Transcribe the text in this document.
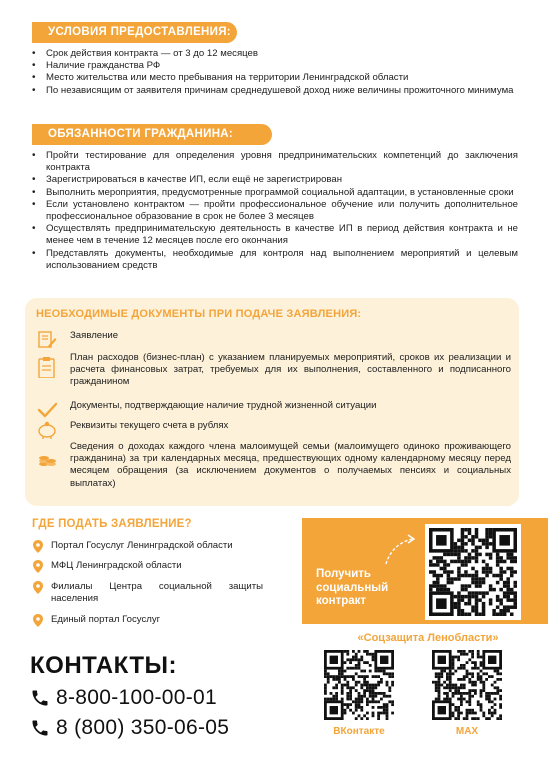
УСЛОВИЯ ПРЕДОСТАВЛЕНИЯ:
• Срок действия контракта — от 3 до 12 месяцев
• Наличие гражданства РФ
• Место жительства или место пребывания на территории Ленинградской области
• По независящим от заявителя причинам среднедушевой доход ниже величины прожиточного минимума
ОБЯЗАННОСТИ ГРАЖДАНИНА:
• Пройти тестирование для определения уровня предпринимательских компетенций до заключения контракта
• Зарегистрироваться в качестве ИП, если ещё не зарегистрирован
• Выполнить мероприятия, предусмотренные программой социальной адаптации, в установленные сроки
• Если установлено контрактом — пройти профессиональное обучение или получить дополнительное профессиональное образование в срок не более 3 месяцев
• Осуществлять предпринимательскую деятельность в качестве ИП в период действия контракта и не менее чем в течение 12 месяцев после его окончания
• Представлять документы, необходимые для контроля над выполнением мероприятий и целевым использованием средств
НЕОБХОДИМЫЕ ДОКУМЕНТЫ ПРИ ПОДАЧЕ ЗАЯВЛЕНИЯ:
Заявление
План расходов (бизнес-план) с указанием планируемых мероприятий, сроков их реализации и расчета финансовых затрат, требуемых для их выполнения, составленного и подписанного гражданином
Документы, подтверждающие наличие трудной жизненной ситуации
Реквизиты текущего счета в рублях
Сведения о доходах каждого члена малоимущей семьи (малоимущего одиноко проживающего гражданина) за три календарных месяца, предшествующих одному календарному месяцу перед месяцем обращения (за исключением документов о получаемых пенсиях и социальных выплатах)
ГДЕ ПОДАТЬ ЗАЯВЛЕНИЕ?
Портал Госуслуг Ленинградской области
МФЦ Ленинградской области
Филиалы Центра социальной защиты населения
Единый портал Госуслуг
Получить
социальный
контракт
«Соцзащита Ленобласти»
ВКонтакте	MAX
КОНТАКТЫ:
8-800-100-00-01
8 (800) 350-06-05
